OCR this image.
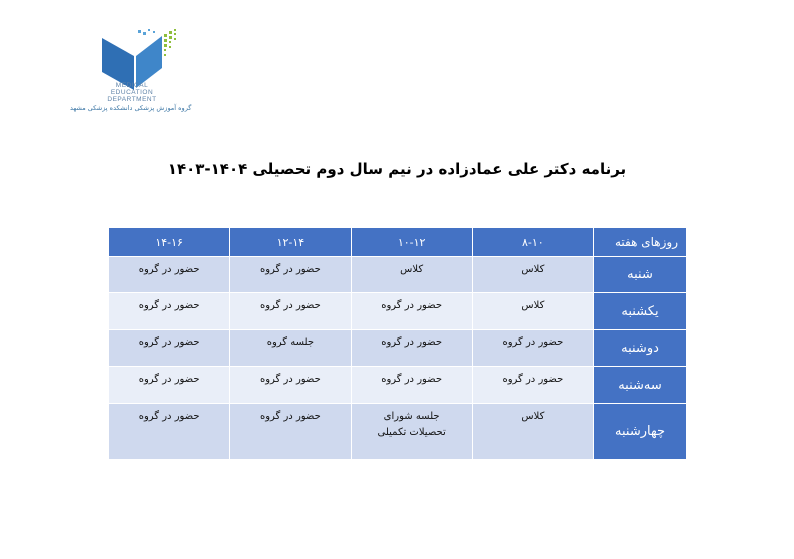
MEDICAL
EDUCATION
DEPARTMENT
گروه آموزش پزشکی دانشکده پزشکی مشهد
برنامه دکتر علی عمادزاده در نیم سال دوم تحصیلی ۱۴۰۴-۱۴۰۳
روزهای هفته	۸-۱۰	۱۰-۱۲	۱۲-۱۴	۱۴-۱۶
شنبه	کلاس	کلاس	حضور در گروه	حضور در گروه
یکشنبه	کلاس	حضور در گروه	حضور در گروه	حضور در گروه
دوشنبه	حضور در گروه	حضور در گروه	جلسه گروه	حضور در گروه
سه‌شنبه	حضور در گروه	حضور در گروه	حضور در گروه	حضور در گروه
چهارشنبه	کلاس	جلسه شورای
تحصیلات تکمیلی	حضور در گروه	حضور در گروه
